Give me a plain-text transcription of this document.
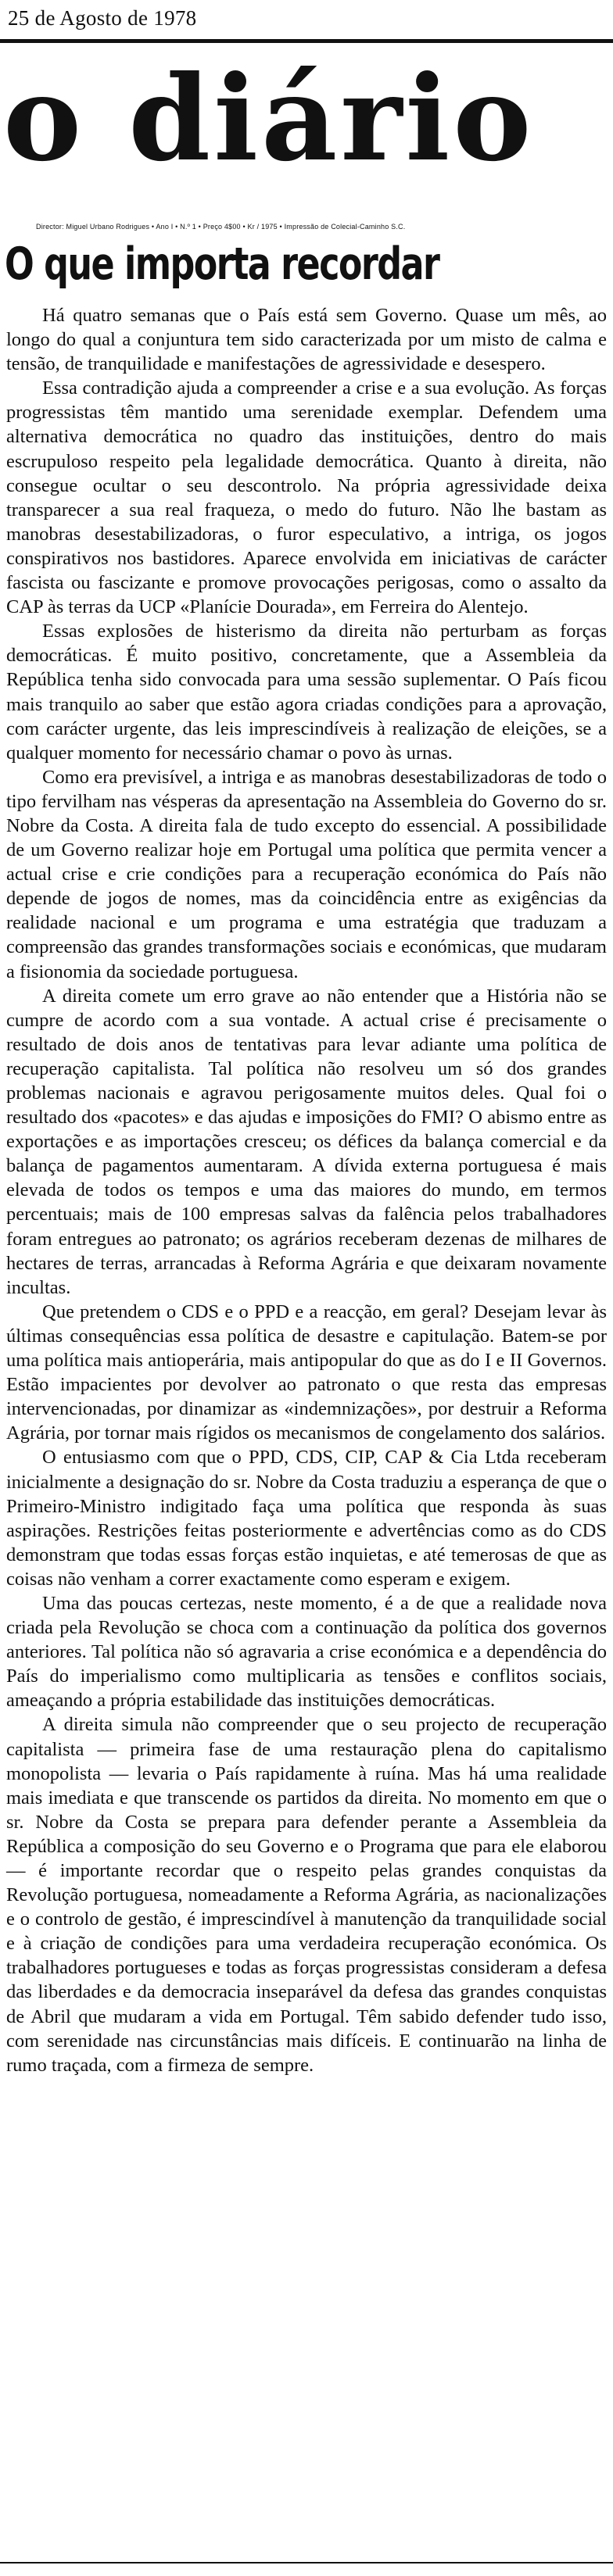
25 de Agosto de 1978
o diário
Director: Miguel Urbano Rodrigues • Ano I • N.º 1 • Preço 4$00 • Kr / 1975 • Impressão de Colecial-Caminho S.C.
O que importa recordar

Há quatro semanas que o País está sem Governo. Quase um mês, ao longo do qual a conjuntura tem sido caracterizada por um misto de calma e tensão, de tranquilidade e manifestações de agressividade e desespero.

Essa contradição ajuda a compreender a crise e a sua evolução. As forças progressistas têm mantido uma serenidade exemplar. Defendem uma alternativa democrática no quadro das instituições, dentro do mais escrupuloso respeito pela legalidade democrática. Quanto à direita, não consegue ocultar o seu descontrolo. Na própria agressividade deixa transparecer a sua real fraqueza, o medo do futuro. Não lhe bastam as manobras desestabilizadoras, o furor especulativo, a intriga, os jogos conspirativos nos bastidores. Aparece envolvida em iniciativas de carácter fascista ou fascizante e promove provocações perigosas, como o assalto da CAP às terras da UCP «Planície Dourada», em Ferreira do Alentejo.

Essas explosões de histerismo da direita não perturbam as forças democráticas. É muito positivo, concretamente, que a Assembleia da República tenha sido convocada para uma sessão suplementar. O País ficou mais tranquilo ao saber que estão agora criadas condições para a aprovação, com carácter urgente, das leis imprescindíveis à realização de eleições, se a qualquer momento for necessário chamar o povo às urnas.

Como era previsível, a intriga e as manobras desestabilizadoras de todo o tipo fervilham nas vésperas da apresentação na Assembleia do Governo do sr. Nobre da Costa. A direita fala de tudo excepto do essencial. A possibilidade de um Governo realizar hoje em Portugal uma política que permita vencer a actual crise e crie condições para a recuperação económica do País não depende de jogos de nomes, mas da coincidência entre as exigências da realidade nacional e um programa e uma estratégia que traduzam a compreensão das grandes transformações sociais e económicas, que mudaram a fisionomia da sociedade portuguesa.

A direita comete um erro grave ao não entender que a História não se cumpre de acordo com a sua vontade. A actual crise é precisamente o resultado de dois anos de tentativas para levar adiante uma política de recuperação capitalista. Tal política não resolveu um só dos grandes problemas nacionais e agravou perigosamente muitos deles. Qual foi o resultado dos «pacotes» e das ajudas e imposições do FMI? O abismo entre as exportações e as importações cresceu; os défices da balança comercial e da balança de pagamentos aumentaram. A dívida externa portuguesa é mais elevada de todos os tempos e uma das maiores do mundo, em termos percentuais; mais de 100 empresas salvas da falência pelos trabalhadores foram entregues ao patronato; os agrários receberam dezenas de milhares de hectares de terras, arrancadas à Reforma Agrária e que deixaram novamente incultas.

Que pretendem o CDS e o PPD e a reacção, em geral? Desejam levar às últimas consequências essa política de desastre e capitulação. Batem-se por uma política mais antioperária, mais antipopular do que as do I e II Governos. Estão impacientes por devolver ao patronato o que resta das empresas intervencionadas, por dinamizar as «indemnizações», por destruir a Reforma Agrária, por tornar mais rígidos os mecanismos de congelamento dos salários.

O entusiasmo com que o PPD, CDS, CIP, CAP & Cia Ltda receberam inicialmente a designação do sr. Nobre da Costa traduziu a esperança de que o Primeiro-Ministro indigitado faça uma política que responda às suas aspirações. Restrições feitas posteriormente e advertências como as do CDS demonstram que todas essas forças estão inquietas, e até temerosas de que as coisas não venham a correr exactamente como esperam e exigem.

Uma das poucas certezas, neste momento, é a de que a realidade nova criada pela Revolução se choca com a continuação da política dos governos anteriores. Tal política não só agravaria a crise económica e a dependência do País do imperialismo como multiplicaria as tensões e conflitos sociais, ameaçando a própria estabilidade das instituições democráticas.

A direita simula não compreender que o seu projecto de recuperação capitalista — primeira fase de uma restauração plena do capitalismo monopolista — levaria o País rapidamente à ruína. Mas há uma realidade mais imediata e que transcende os partidos da direita. No momento em que o sr. Nobre da Costa se prepara para defender perante a Assembleia da República a composição do seu Governo e o Programa que para ele elaborou — é importante recordar que o respeito pelas grandes conquistas da Revolução portuguesa, nomeadamente a Reforma Agrária, as nacionalizações e o controlo de gestão, é imprescindível à manutenção da tranquilidade social e à criação de condições para uma verdadeira recuperação económica. Os trabalhadores portugueses e todas as forças progressistas consideram a defesa das liberdades e da democracia inseparável da defesa das grandes conquistas de Abril que mudaram a vida em Portugal. Têm sabido defender tudo isso, com serenidade nas circunstâncias mais difíceis. E continuarão na linha de rumo traçada, com a firmeza de sempre.
